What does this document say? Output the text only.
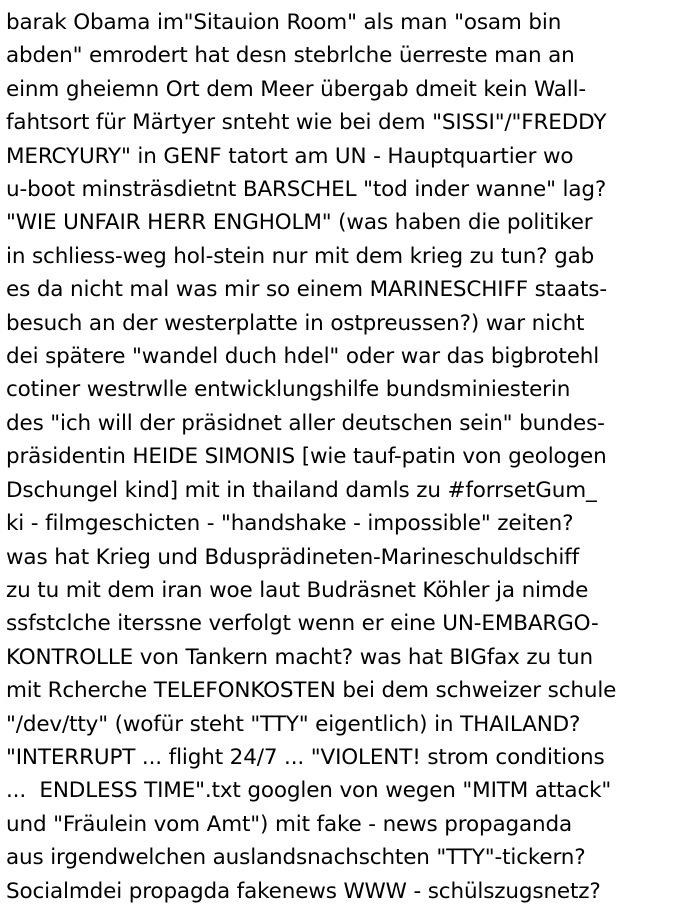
barak Obama im"Sitauion Room" als man "osam bin
abden" emrodert hat desn stebrlche üerreste man an
einm gheiemn Ort dem Meer übergab dmeit kein Wall-
fahtsort für Märtyer snteht wie bei dem "SISSI"/"FREDDY
MERCYURY" in GENF tatort am UN - Hauptquartier wo
u-boot minsträsdietnt BARSCHEL "tod inder wanne" lag?
"WIE UNFAIR HERR ENGHOLM" (was haben die politiker
in schliess-weg hol-stein nur mit dem krieg zu tun? gab
es da nicht mal was mir so einem MARINESCHIFF staats-
besuch an der westerplatte in ostpreussen?) war nicht
dei spätere "wandel duch hdel" oder war das bigbrotehl
cotiner westrwlle entwicklungshilfe bundsminiesterin
des "ich will der präsidnet aller deutschen sein" bundes-
präsidentin HEIDE SIMONIS [wie tauf-patin von geologen
Dschungel kind] mit in thailand damls zu #forrsetGum_
ki - filmgeschicten - "handshake - impossible" zeiten?
was hat Krieg und Bdusprädineten-Marineschuldschiff
zu tu mit dem iran woe laut Budräsnet Köhler ja nimde
ssfstclche iterssne verfolgt wenn er eine UN-EMBARGO-
KONTROLLE von Tankern macht? was hat BIGfax zu tun
mit Rcherche TELEFONKOSTEN bei dem schweizer schule
"/dev/tty" (wofür steht "TTY" eigentlich) in THAILAND?
"INTERRUPT ... flight 24/7 ... "VIOLENT! strom conditions
...  ENDLESS TIME".txt googlen von wegen "MITM attack"
und "Fräulein vom Amt") mit fake - news propaganda
aus irgendwelchen auslandsnachschten "TTY"-tickern?
Socialmdei propagda fakenews WWW - schülszugsnetz?
